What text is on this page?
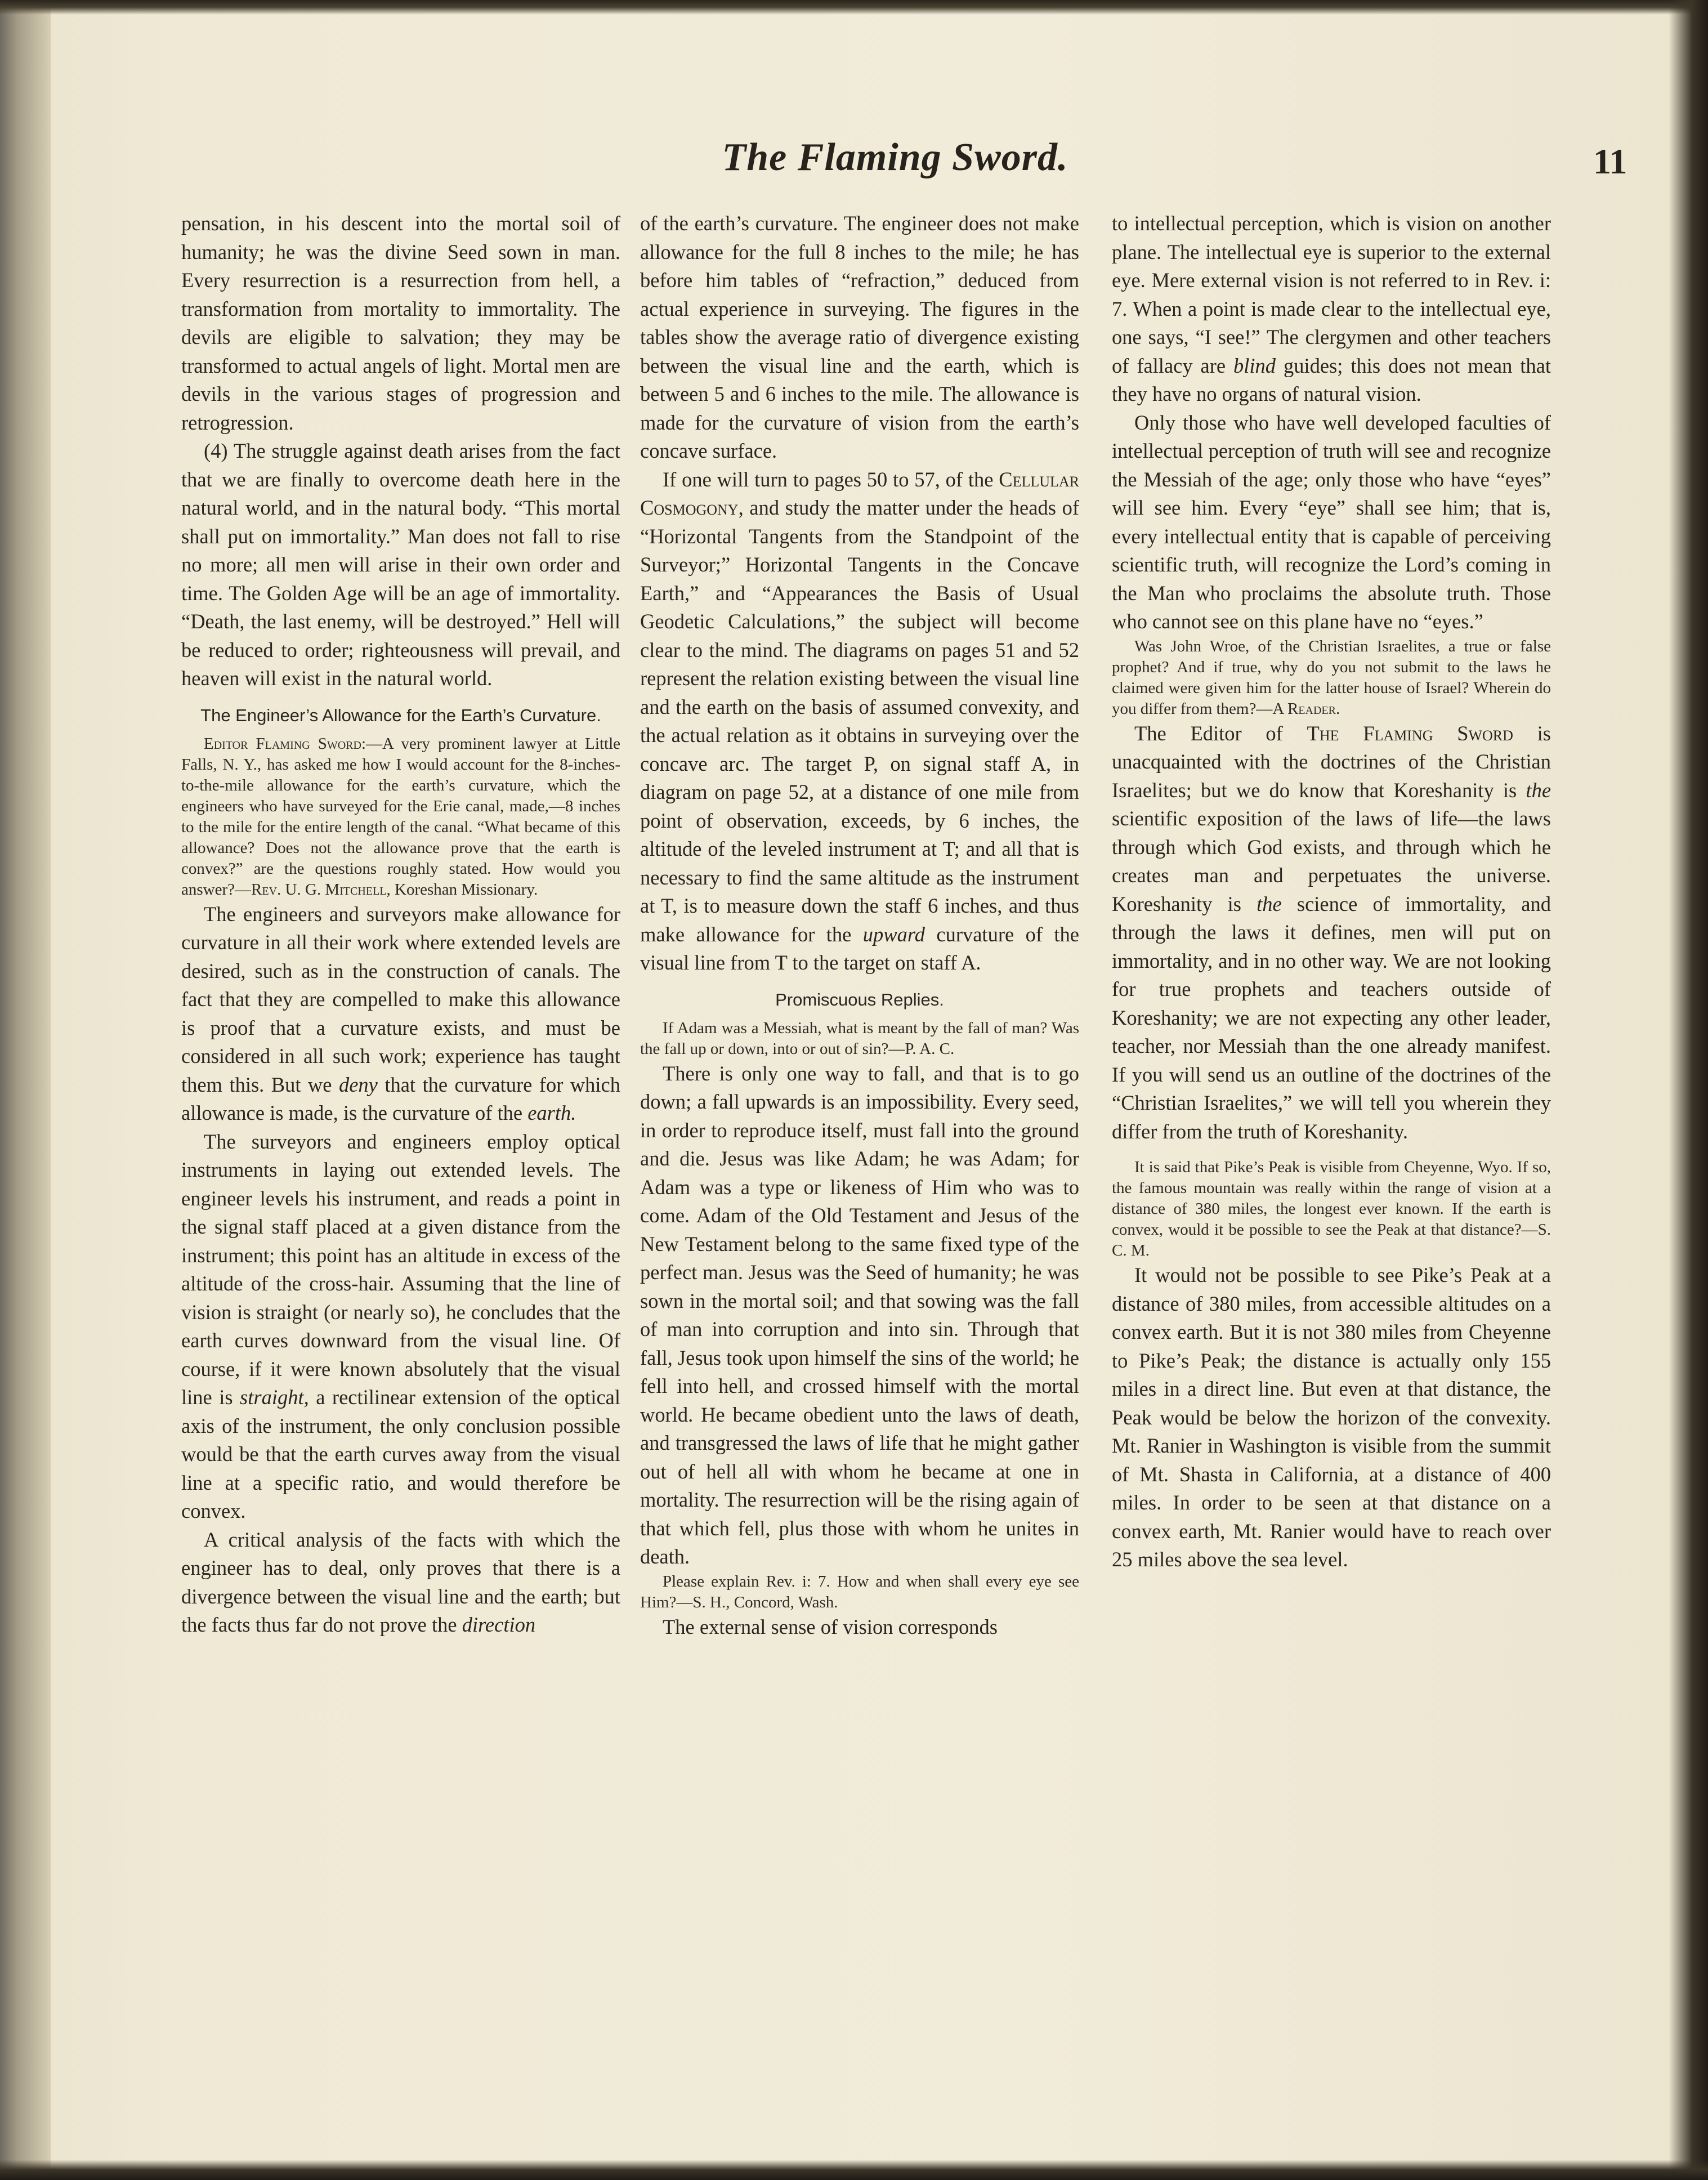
The Flaming Sword.	11

pensation, in his descent into the mortal soil of humanity; he was the divine Seed sown in man. Every resurrection is a resurrection from hell, a transformation from mortality to immortality. The devils are eligible to salvation; they may be transformed to actual angels of light. Mortal men are devils in the various stages of progression and retrogression.

(4) The struggle against death arises from the fact that we are finally to overcome death here in the natural world, and in the natural body. “This mortal shall put on immortality.” Man does not fall to rise no more; all men will arise in their own order and time. The Golden Age will be an age of immortality. “Death, the last enemy, will be destroyed.” Hell will be reduced to order; righteousness will prevail, and heaven will exist in the natural world.

The Engineer’s Allowance for the Earth’s Curvature.

Editor Flaming Sword:—A very prominent lawyer at Little Falls, N. Y., has asked me how I would account for the 8-inches-to-the-mile allowance for the earth’s curvature, which the engineers who have surveyed for the Erie canal, made,—8 inches to the mile for the entire length of the canal. “What became of this allowance? Does not the allowance prove that the earth is convex?” are the questions roughly stated. How would you answer?—Rev. U. G. Mitchell, Koreshan Missionary.

The engineers and surveyors make allowance for curvature in all their work where extended levels are desired, such as in the construction of canals. The fact that they are compelled to make this allowance is proof that a curvature exists, and must be considered in all such work; experience has taught them this. But we deny that the curvature for which allowance is made, is the curvature of the earth.

The surveyors and engineers employ optical instruments in laying out extended levels. The engineer levels his instrument, and reads a point in the signal staff placed at a given distance from the instrument; this point has an altitude in excess of the altitude of the cross-hair. Assuming that the line of vision is straight (or nearly so), he concludes that the earth curves downward from the visual line. Of course, if it were known absolutely that the visual line is straight, a rectilinear extension of the optical axis of the instrument, the only conclusion possible would be that the earth curves away from the visual line at a specific ratio, and would therefore be convex.

A critical analysis of the facts with which the engineer has to deal, only proves that there is a divergence between the visual line and the earth; but the facts thus far do not prove the direction

of the earth’s curvature. The engineer does not make allowance for the full 8 inches to the mile; he has before him tables of “refraction,” deduced from actual experience in surveying. The figures in the tables show the average ratio of divergence existing between the visual line and the earth, which is between 5 and 6 inches to the mile. The allowance is made for the curvature of vision from the earth’s concave surface.

If one will turn to pages 50 to 57, of the Cellular Cosmogony, and study the matter under the heads of “Horizontal Tangents from the Standpoint of the Surveyor;” Horizontal Tangents in the Concave Earth,” and “Appearances the Basis of Usual Geodetic Calculations,” the subject will become clear to the mind. The diagrams on pages 51 and 52 represent the relation existing between the visual line and the earth on the basis of assumed convexity, and the actual relation as it obtains in surveying over the concave arc. The target P, on signal staff A, in diagram on page 52, at a distance of one mile from point of observation, exceeds, by 6 inches, the altitude of the leveled instrument at T; and all that is necessary to find the same altitude as the instrument at T, is to measure down the staff 6 inches, and thus make allowance for the upward curvature of the visual line from T to the target on staff A.

Promiscuous Replies.

If Adam was a Messiah, what is meant by the fall of man? Was the fall up or down, into or out of sin?—P. A. C.

There is only one way to fall, and that is to go down; a fall upwards is an impossibility. Every seed, in order to reproduce itself, must fall into the ground and die. Jesus was like Adam; he was Adam; for Adam was a type or likeness of Him who was to come. Adam of the Old Testament and Jesus of the New Testament belong to the same fixed type of the perfect man. Jesus was the Seed of humanity; he was sown in the mortal soil; and that sowing was the fall of man into corruption and into sin. Through that fall, Jesus took upon himself the sins of the world; he fell into hell, and crossed himself with the mortal world. He became obedient unto the laws of death, and transgressed the laws of life that he might gather out of hell all with whom he became at one in mortality. The resurrection will be the rising again of that which fell, plus those with whom he unites in death.

Please explain Rev. i: 7. How and when shall every eye see Him?—S. H., Concord, Wash.

The external sense of vision corresponds

to intellectual perception, which is vision on another plane. The intellectual eye is superior to the external eye. Mere external vision is not referred to in Rev. i: 7. When a point is made clear to the intellectual eye, one says, “I see!” The clergymen and other teachers of fallacy are blind guides; this does not mean that they have no organs of natural vision.

Only those who have well developed faculties of intellectual perception of truth will see and recognize the Messiah of the age; only those who have “eyes” will see him. Every “eye” shall see him; that is, every intellectual entity that is capable of perceiving scientific truth, will recognize the Lord’s coming in the Man who proclaims the absolute truth. Those who cannot see on this plane have no “eyes.”

Was John Wroe, of the Christian Israelites, a true or false prophet? And if true, why do you not submit to the laws he claimed were given him for the latter house of Israel? Wherein do you differ from them?—A Reader.

The Editor of The Flaming Sword is unacquainted with the doctrines of the Christian Israelites; but we do know that Koreshanity is the scientific exposition of the laws of life—the laws through which God exists, and through which he creates man and perpetuates the universe. Koreshanity is the science of immortality, and through the laws it defines, men will put on immortality, and in no other way. We are not looking for true prophets and teachers outside of Koreshanity; we are not expecting any other leader, teacher, nor Messiah than the one already manifest. If you will send us an outline of the doctrines of the “Christian Israelites,” we will tell you wherein they differ from the truth of Koreshanity.

It is said that Pike’s Peak is visible from Cheyenne, Wyo. If so, the famous mountain was really within the range of vision at a distance of 380 miles, the longest ever known. If the earth is convex, would it be possible to see the Peak at that distance?—S. C. M.

It would not be possible to see Pike’s Peak at a distance of 380 miles, from accessible altitudes on a convex earth. But it is not 380 miles from Cheyenne to Pike’s Peak; the distance is actually only 155 miles in a direct line. But even at that distance, the Peak would be below the horizon of the convexity. Mt. Ranier in Washington is visible from the summit of Mt. Shasta in California, at a distance of 400 miles. In order to be seen at that distance on a convex earth, Mt. Ranier would have to reach over 25 miles above the sea level.
